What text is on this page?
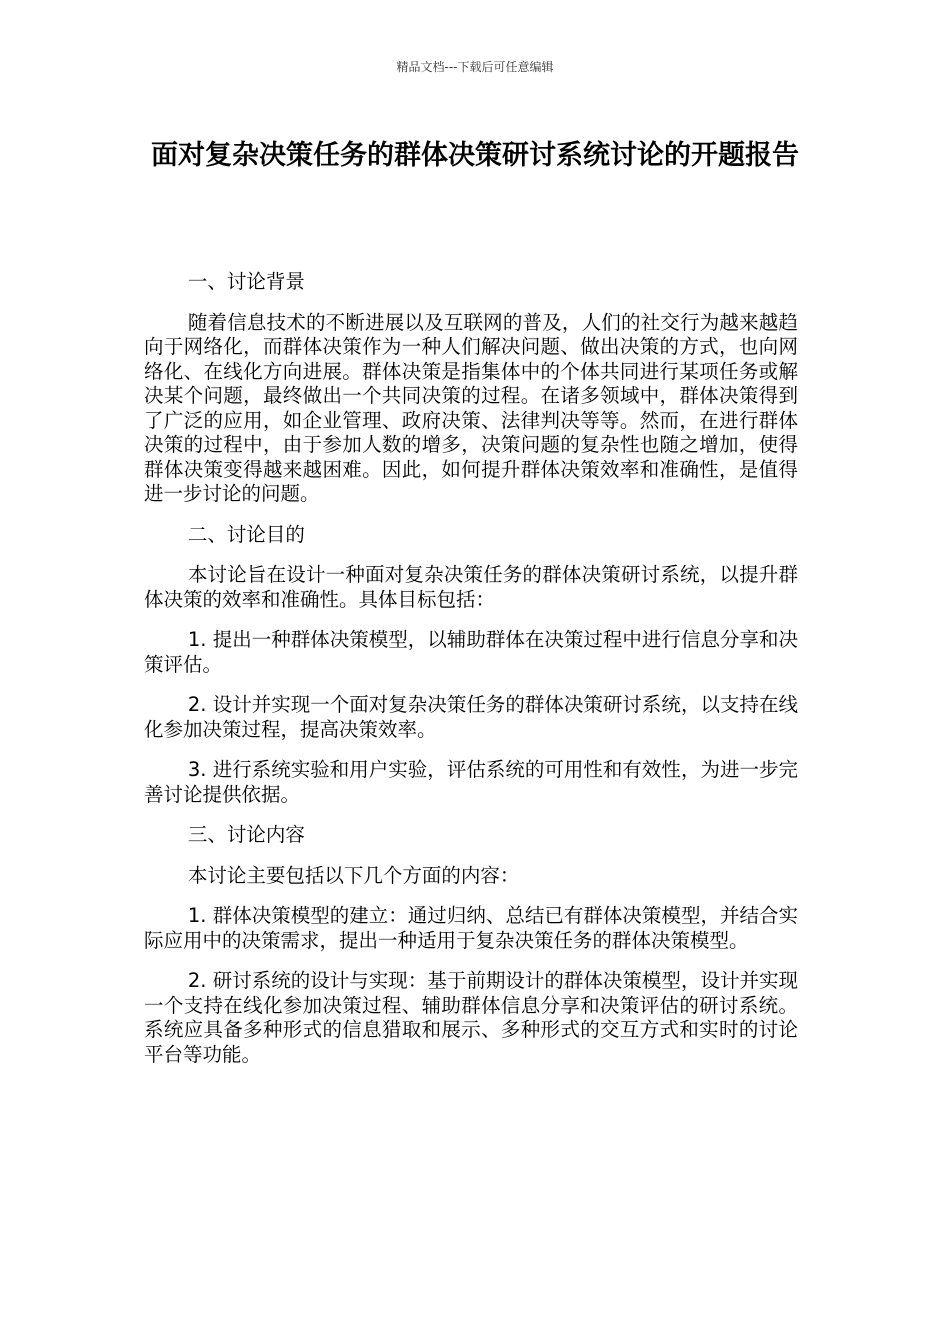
精品文档---下载后可任意编辑
面对复杂决策任务的群体决策研讨系统讨论的开题报告

一、讨论背景

随着信息技术的不断进展以及互联网的普及，人们的社交行为越来越趋向于网络化，而群体决策作为一种人们解决问题、做出决策的方式，也向网络化、在线化方向进展。群体决策是指集体中的个体共同进行某项任务或解决某个问题，最终做出一个共同决策的过程。在诸多领域中，群体决策得到了广泛的应用，如企业管理、政府决策、法律判决等等。然而，在进行群体决策的过程中，由于参加人数的增多，决策问题的复杂性也随之增加，使得群体决策变得越来越困难。因此，如何提升群体决策效率和准确性，是值得进一步讨论的问题。

二、讨论目的

本讨论旨在设计一种面对复杂决策任务的群体决策研讨系统，以提升群体决策的效率和准确性。具体目标包括：

1. 提出一种群体决策模型，以辅助群体在决策过程中进行信息分享和决策评估。

2. 设计并实现一个面对复杂决策任务的群体决策研讨系统，以支持在线化参加决策过程，提高决策效率。

3. 进行系统实验和用户实验，评估系统的可用性和有效性，为进一步完善讨论提供依据。

三、讨论内容

本讨论主要包括以下几个方面的内容：

1. 群体决策模型的建立：通过归纳、总结已有群体决策模型，并结合实际应用中的决策需求，提出一种适用于复杂决策任务的群体决策模型。

2. 研讨系统的设计与实现：基于前期设计的群体决策模型，设计并实现一个支持在线化参加决策过程、辅助群体信息分享和决策评估的研讨系统。系统应具备多种形式的信息猎取和展示、多种形式的交互方式和实时的讨论平台等功能。
